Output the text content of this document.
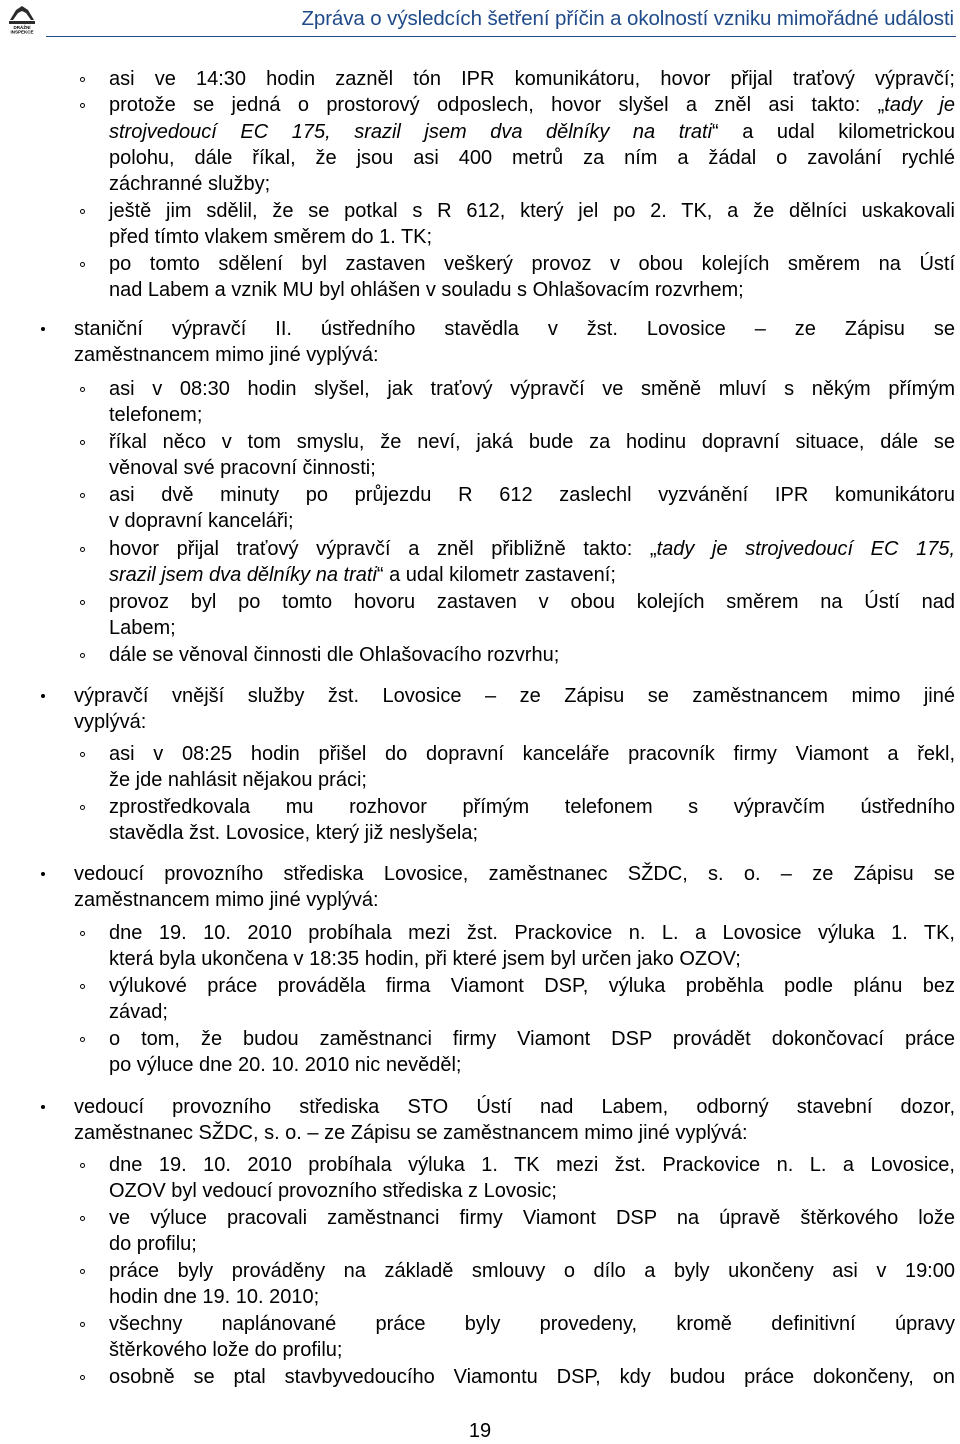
DRÁŽNÍ
INSPEKCE
Zpráva o výsledcích šetření příčin a okolností vzniku mimořádné události
asi ve 14:30 hodin zazněl tón IPR komunikátoru, hovor přijal traťový výpravčí;
protože se jedná o prostorový odposlech, hovor slyšel a zněl asi takto: „tady je
strojvedoucí EC 175, srazil jsem dva dělníky na trati“ a udal kilometrickou
polohu, dále říkal, že jsou asi 400 metrů za ním a žádal o zavolání rychlé
záchranné služby;
ještě jim sdělil, že se potkal s R 612, který jel po 2. TK, a že dělníci uskakovali
před tímto vlakem směrem do 1. TK;
po tomto sdělení byl zastaven veškerý provoz v obou kolejích směrem na Ústí
nad Labem a vznik MU byl ohlášen v souladu s Ohlašovacím rozvrhem;
staniční výpravčí II. ústředního stavědla v žst. Lovosice – ze Zápisu se
zaměstnancem mimo jiné vyplývá:
asi v 08:30 hodin slyšel, jak traťový výpravčí ve směně mluví s někým přímým
telefonem;
říkal něco v tom smyslu, že neví, jaká bude za hodinu dopravní situace, dále se
věnoval své pracovní činnosti;
asi dvě minuty po průjezdu R 612 zaslechl vyzvánění IPR komunikátoru
v dopravní kanceláři;
hovor přijal traťový výpravčí a zněl přibližně takto: „tady je strojvedoucí EC 175,
srazil jsem dva dělníky na trati“ a udal kilometr zastavení;
provoz byl po tomto hovoru zastaven v obou kolejích směrem na Ústí nad
Labem;
dále se věnoval činnosti dle Ohlašovacího rozvrhu;
výpravčí vnější služby žst. Lovosice – ze Zápisu se zaměstnancem mimo jiné
vyplývá:
asi v 08:25 hodin přišel do dopravní kanceláře pracovník firmy Viamont a řekl,
že jde nahlásit nějakou práci;
zprostředkovala mu rozhovor přímým telefonem s výpravčím ústředního
stavědla žst. Lovosice, který již neslyšela;
vedoucí provozního střediska Lovosice, zaměstnanec SŽDC, s. o. – ze Zápisu se
zaměstnancem mimo jiné vyplývá:
dne 19. 10. 2010 probíhala mezi žst. Prackovice n. L. a Lovosice výluka 1. TK,
která byla ukončena v 18:35 hodin, při které jsem byl určen jako OZOV;
výlukové práce prováděla firma Viamont DSP, výluka proběhla podle plánu bez
závad;
o tom, že budou zaměstnanci firmy Viamont DSP provádět dokončovací práce
po výluce dne 20. 10. 2010 nic nevěděl;
vedoucí provozního střediska STO Ústí nad Labem, odborný stavební dozor,
zaměstnanec SŽDC, s. o. – ze Zápisu se zaměstnancem mimo jiné vyplývá:
dne 19. 10. 2010 probíhala výluka 1. TK mezi žst. Prackovice n. L. a Lovosice,
OZOV byl vedoucí provozního střediska z Lovosic;
ve výluce pracovali zaměstnanci firmy Viamont DSP na úpravě štěrkového lože
do profilu;
práce byly prováděny na základě smlouvy o dílo a byly ukončeny asi v 19:00
hodin dne 19. 10. 2010;
všechny naplánované práce byly provedeny, kromě definitivní úpravy
štěrkového lože do profilu;
osobně se ptal stavbyvedoucího Viamontu DSP, kdy budou práce dokončeny, on
19
